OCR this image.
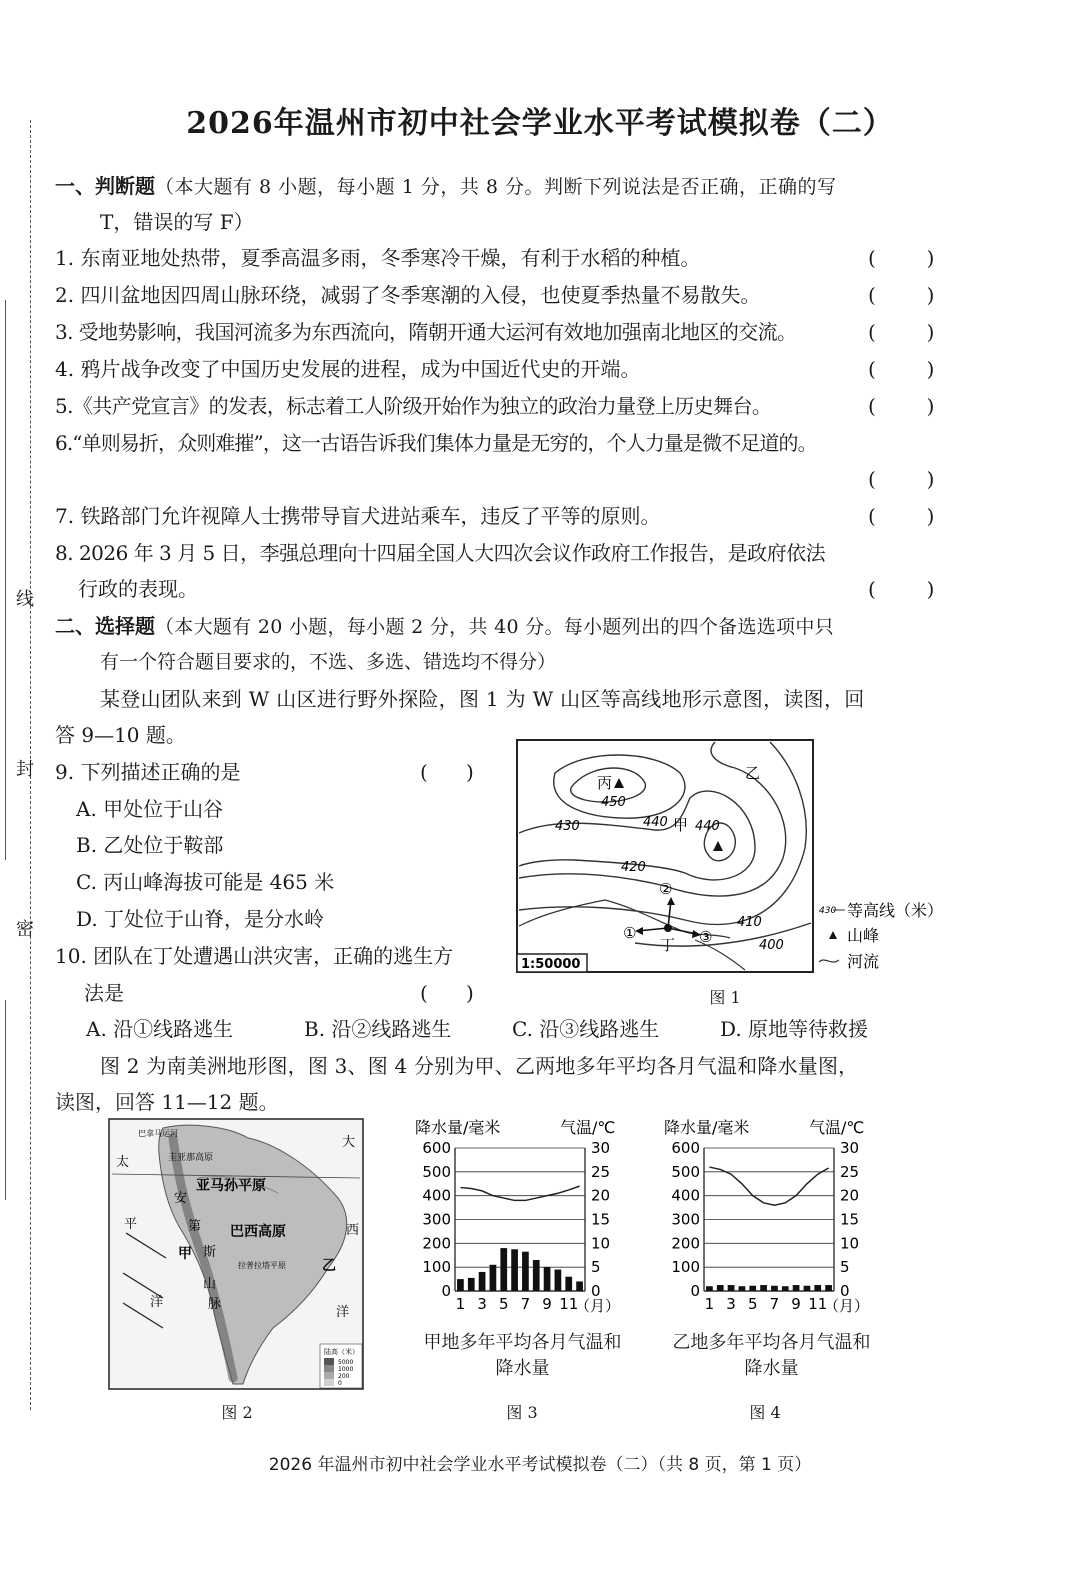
线
封
密
2026年温州市初中社会学业水平考试模拟卷（二）
一、判断题（本大题有 8 小题，每小题 1 分，共 8 分。判断下列说法是否正确，正确的写
T，错误的写 F）
1. 东南亚地处热带，夏季高温多雨，冬季寒冷干燥，有利于水稻的种植。	(        )
2. 四川盆地因四周山脉环绕，减弱了冬季寒潮的入侵，也使夏季热量不易散失。	(        )
3. 受地势影响，我国河流多为东西流向，隋朝开通大运河有效地加强南北地区的交流。	(        )
4. 鸦片战争改变了中国历史发展的进程，成为中国近代史的开端。	(        )
5.《共产党宣言》的发表，标志着工人阶级开始作为独立的政治力量登上历史舞台。	(        )
6.“单则易折，众则难摧”，这一古语告诉我们集体力量是无穷的，个人力量是微不足道的。
(        )
7. 铁路部门允许视障人士携带导盲犬进站乘车，违反了平等的原则。	(        )
8. 2026 年 3 月 5 日，李强总理向十四届全国人大四次会议作政府工作报告，是政府依法
行政的表现。	(        )
二、选择题（本大题有 20 小题，每小题 2 分，共 40 分。每小题列出的四个备选选项中只
有一个符合题目要求的，不选、多选、错选均不得分）
某登山团队来到 W 山区进行野外探险，图 1 为 W 山区等高线地形示意图，读图，回
答 9—10 题。
9. 下列描述正确的是	(      )
A. 甲处位于山谷
B. 乙处位于鞍部
C. 丙山峰海拔可能是 465 米
D. 丁处位于山脊，是分水岭
10. 团队在丁处遭遇山洪灾害，正确的逃生方
法是	(      )
A. 沿①线路逃生	B. 沿②线路逃生	C. 沿③线路逃生	D. 原地等待救援
图 2 为南美洲地形图，图 3、图 4 分别为甲、乙两地多年平均各月气温和降水量图，
读图，回答 11—12 题。
丙
乙
甲
丁
①
②
③
450
440 440
430
420
410
400
1:50000
430 等高线（米）
山峰
河流
图 1
亚马孙平原
巴西高原
圭亚那高原
巴拿马运河
拉普拉塔平原
甲
乙
安
第
斯
山
脉
太
平
洋
大
西
洋
陆高（米）
5000
1000
200
0
图 2
降水量/毫米	气温/℃
0
100
200
300
400
500
600
0
5
10
15
20
25
30
1 3 5 7 9 11
（月）
甲地多年平均各月气温和降水量
图 3
降水量/毫米	气温/℃
0
100
200
300
400
500
600
0
5
10
15
20
25
30
1 3 5 7 9 11
（月）
乙地多年平均各月气温和降水量
图 4
2026 年温州市初中社会学业水平考试模拟卷（二）（共 8 页，第 1 页）
